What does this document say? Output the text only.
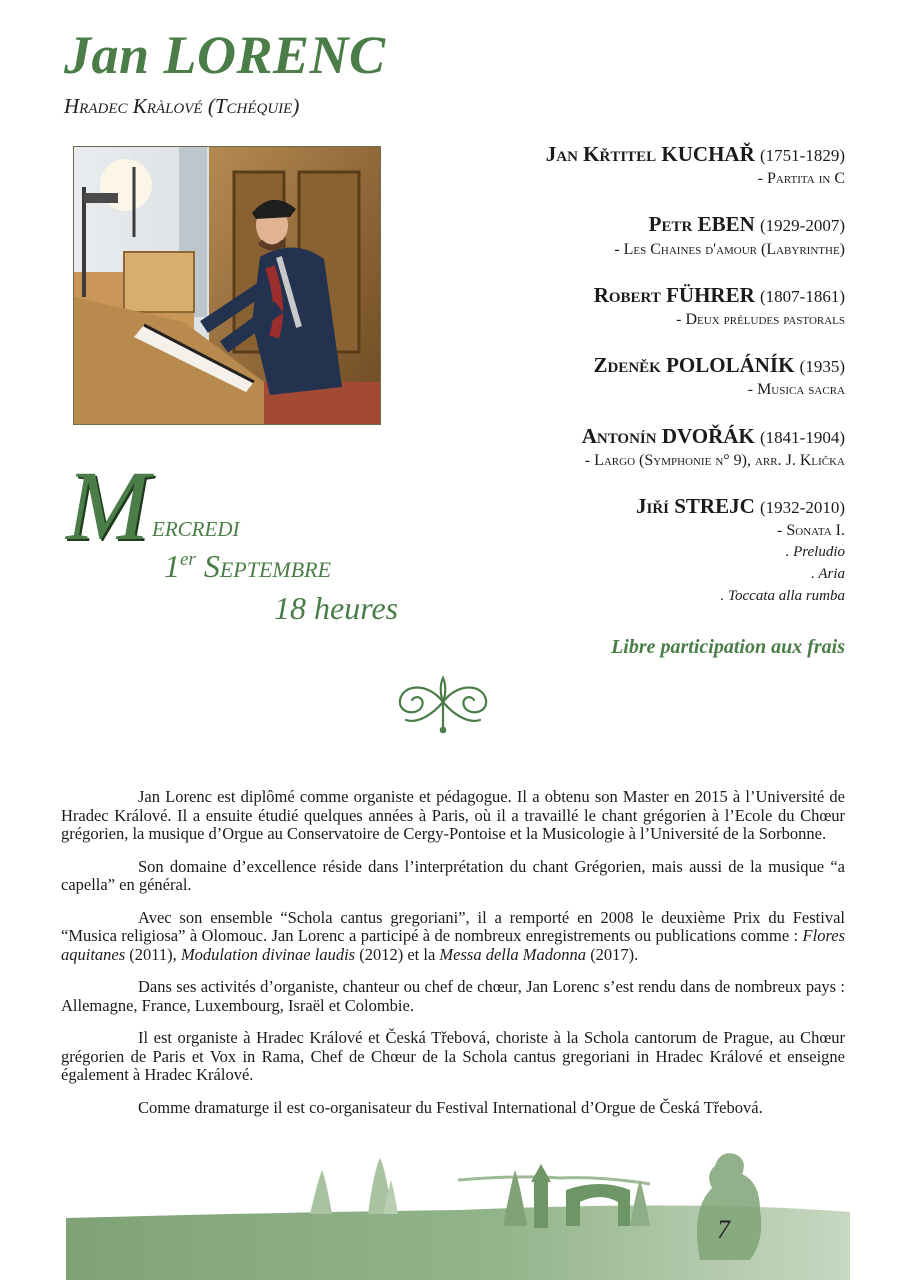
Jan LORENC
Hradec Kràlové (Tchéquie)
M ercredi
1er Septembre
18 heures
Jan Křtitel KUCHAŘ (1751-1829)
- Partita in C
Petr EBEN (1929-2007)
- Les Chaines d'amour (Labyrinthe)
Robert FÜHRER (1807-1861)
- Deux préludes pastorals
Zdeněk POLOLÁNÍK (1935)
- Musica sacra
Antonín DVOŘÁK (1841-1904)
- Largo (Symphonie n° 9), arr. J. Klička
Jiří STREJC (1932-2010)
- Sonata I.
. Preludio
. Aria
. Toccata alla rumba
Libre participation aux frais

Jan Lorenc est diplômé comme organiste et pédagogue. Il a obtenu son Master en 2015 à l’Université de Hradec Králové. Il a ensuite étudié quelques années à Paris, où il a travaillé le chant grégorien à l’Ecole du Chœur grégorien, la musique d’Orgue au Conservatoire de Cergy-Pontoise et la Musicologie à l’Université de la Sorbonne.

Son domaine d’excellence réside dans l’interprétation du chant Grégorien, mais aussi de la musique “a capella” en général.

Avec son ensemble “Schola cantus gregoriani”, il a remporté en 2008 le deuxième Prix du Festival “Musica religiosa” à Olomouc. Jan Lorenc a participé à de nombreux enregistrements ou publications comme : Flores aquitanes (2011), Modulation divinae laudis (2012) et la Messa della Madonna (2017).

Dans ses activités d’organiste, chanteur ou chef de chœur, Jan Lorenc s’est rendu dans de nombreux pays : Allemagne, France, Luxembourg, Israël et Colombie.

Il est organiste à Hradec Králové et Česká Třebová, choriste à la Schola cantorum de Prague, au Chœur grégorien de Paris et Vox in Rama, Chef de Chœur de la Schola cantus gregoriani in Hradec Králové et enseigne également à Hradec Králové.

Comme dramaturge il est co-organisateur du Festival International d’Orgue de Česká Třebová.

7
